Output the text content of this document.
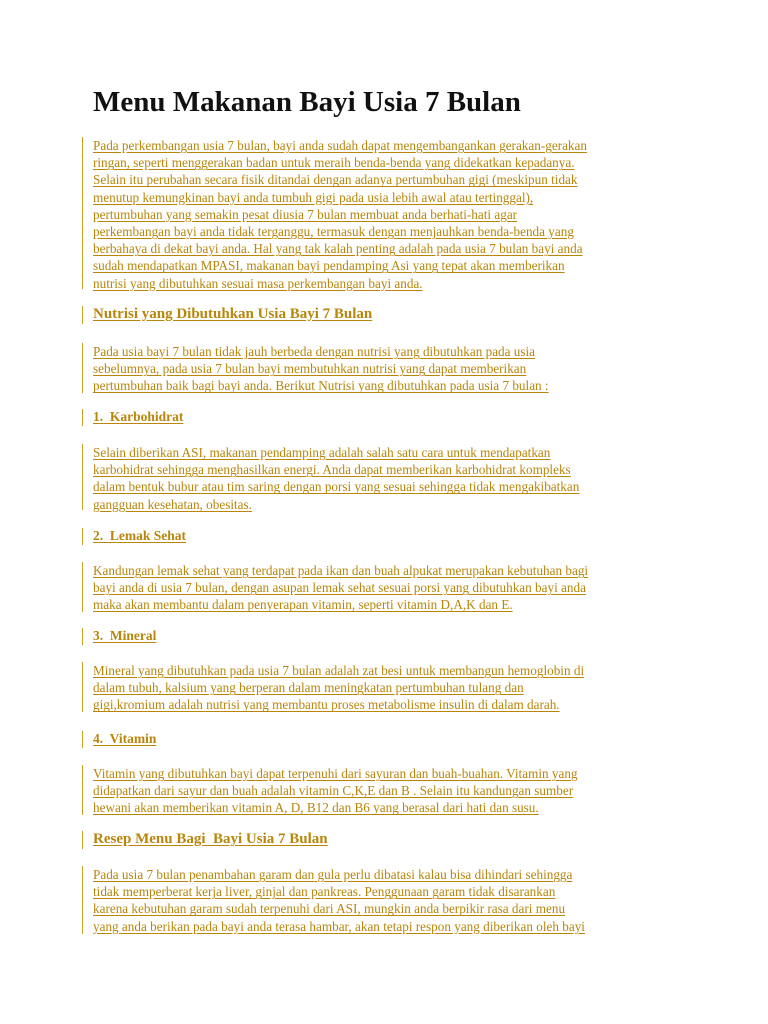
Menu Makanan Bayi Usia 7 Bulan
Pada perkembangan usia 7 bulan, bayi anda sudah dapat mengembangankan gerakan-gerakan
ringan, seperti menggerakan badan untuk meraih benda-benda yang didekatkan kepadanya.
Selain itu perubahan secara fisik ditandai dengan adanya pertumbuhan gigi (meskipun tidak
menutup kemungkinan bayi anda tumbuh gigi pada usia lebih awal atau tertinggal),
pertumbuhan yang semakin pesat diusia 7 bulan membuat anda berhati-hati agar
perkembangan bayi anda tidak terganggu, termasuk dengan menjauhkan benda-benda yang
berbahaya di dekat bayi anda. Hal yang tak kalah penting adalah pada usia 7 bulan bayi anda
sudah mendapatkan MPASI, makanan bayi pendamping Asi yang tepat akan memberikan
nutrisi yang dibutuhkan sesuai masa perkembangan bayi anda.
Nutrisi yang Dibutuhkan Usia Bayi 7 Bulan
Pada usia bayi 7 bulan tidak jauh berbeda dengan nutrisi yang dibutuhkan pada usia
sebelumnya, pada usia 7 bulan bayi membutuhkan nutrisi yang dapat memberikan
pertumbuhan baik bagi bayi anda. Berikut Nutrisi yang dibutuhkan pada usia 7 bulan :
1.  Karbohidrat
Selain diberikan ASI, makanan pendamping adalah salah satu cara untuk mendapatkan
karbohidrat sehingga menghasilkan energi. Anda dapat memberikan karbohidrat kompleks
dalam bentuk bubur atau tim saring dengan porsi yang sesuai sehingga tidak mengakibatkan
gangguan kesehatan, obesitas.
2.  Lemak Sehat
Kandungan lemak sehat yang terdapat pada ikan dan buah alpukat merupakan kebutuhan bagi
bayi anda di usia 7 bulan, dengan asupan lemak sehat sesuai porsi yang dibutuhkan bayi anda
maka akan membantu dalam penyerapan vitamin, seperti vitamin D,A,K dan E.
3.  Mineral
Mineral yang dibutuhkan pada usia 7 bulan adalah zat besi untuk membangun hemoglobin di
dalam tubuh, kalsium yang berperan dalam meningkatan pertumbuhan tulang dan
gigi,kromium adalah nutrisi yang membantu proses metabolisme insulin di dalam darah.
4.  Vitamin
Vitamin yang dibutuhkan bayi dapat terpenuhi dari sayuran dan buah-buahan. Vitamin yang
didapatkan dari sayur dan buah adalah vitamin C,K,E dan B . Selain itu kandungan sumber
hewani akan memberikan vitamin A, D, B12 dan B6 yang berasal dari hati dan susu.
Resep Menu Bagi  Bayi Usia 7 Bulan
Pada usia 7 bulan penambahan garam dan gula perlu dibatasi kalau bisa dihindari sehingga
tidak memperberat kerja liver, ginjal dan pankreas. Penggunaan garam tidak disarankan
karena kebutuhan garam sudah terpenuhi dari ASI, mungkin anda berpikir rasa dari menu
yang anda berikan pada bayi anda terasa hambar, akan tetapi respon yang diberikan oleh bayi
